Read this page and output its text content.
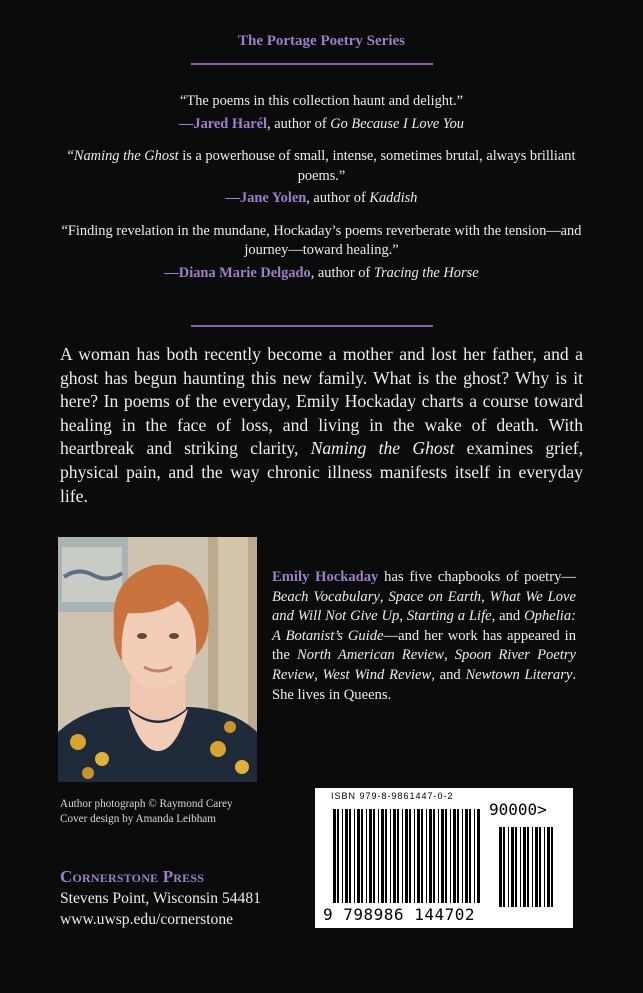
The Portage Poetry Series
“The poems in this collection haunt and delight.”
—Jared Harél, author of Go Because I Love You
“Naming the Ghost is a powerhouse of small, intense, sometimes brutal, always brilliant poems.”
—Jane Yolen, author of Kaddish
“Finding revelation in the mundane, Hockaday’s poems reverberate with the tension—and journey—toward healing.”
—Diana Marie Delgado, author of Tracing the Horse

A woman has both recently become a mother and lost her father, and a ghost has begun haunting this new family. What is the ghost? Why is it here? In poems of the everyday, Emily Hockaday charts a course toward healing in the face of loss, and living in the wake of death. With heartbreak and striking clarity, Naming the Ghost examines grief, physical pain, and the way chronic illness manifests itself in everyday life.

Emily Hockaday has five chapbooks of poetry—Beach Vocabulary, Space on Earth, What We Love and Will Not Give Up, Starting a Life, and Ophelia: A Botanist’s Guide—and her work has appeared in the North American Review, Spoon River Poetry Review, West Wind Review, and Newtown Literary. She lives in Queens.

Author photograph © Raymond Carey
Cover design by Amanda Leibham
Cornerstone Press
Stevens Point, Wisconsin 54481
www.uwsp.edu/cornerstone
ISBN 979-8-9861447-0-2
90000>
9 798986 144702
